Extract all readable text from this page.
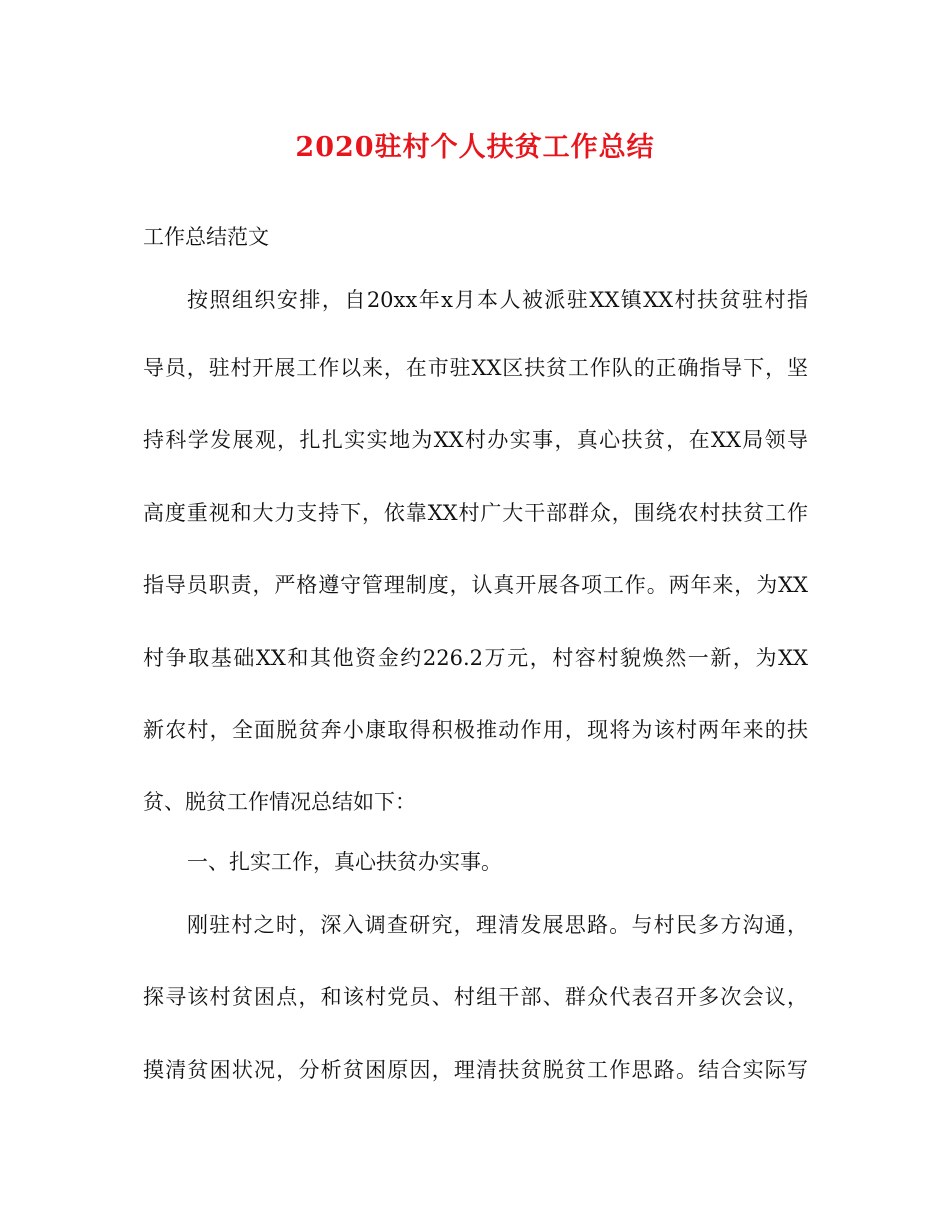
2020驻村个人扶贫工作总结
工作总结范文
按照组织安排，自20xx年x月本人被派驻XX镇XX村扶贫驻村指
导员，驻村开展工作以来，在市驻XX区扶贫工作队的正确指导下，坚
持科学发展观，扎扎实实地为XX村办实事，真心扶贫，在XX局领导
高度重视和大力支持下，依靠XX村广大干部群众，围绕农村扶贫工作
指导员职责，严格遵守管理制度，认真开展各项工作。两年来，为XX
村争取基础XX和其他资金约226.2万元，村容村貌焕然一新，为XX
新农村，全面脱贫奔小康取得积极推动作用，现将为该村两年来的扶
贫、脱贫工作情况总结如下：
一、扎实工作，真心扶贫办实事。
刚驻村之时，深入调查研究，理清发展思路。与村民多方沟通，
探寻该村贫困点，和该村党员、村组干部、群众代表召开多次会议，
摸清贫困状况，分析贫困原因，理清扶贫脱贫工作思路。结合实际写
